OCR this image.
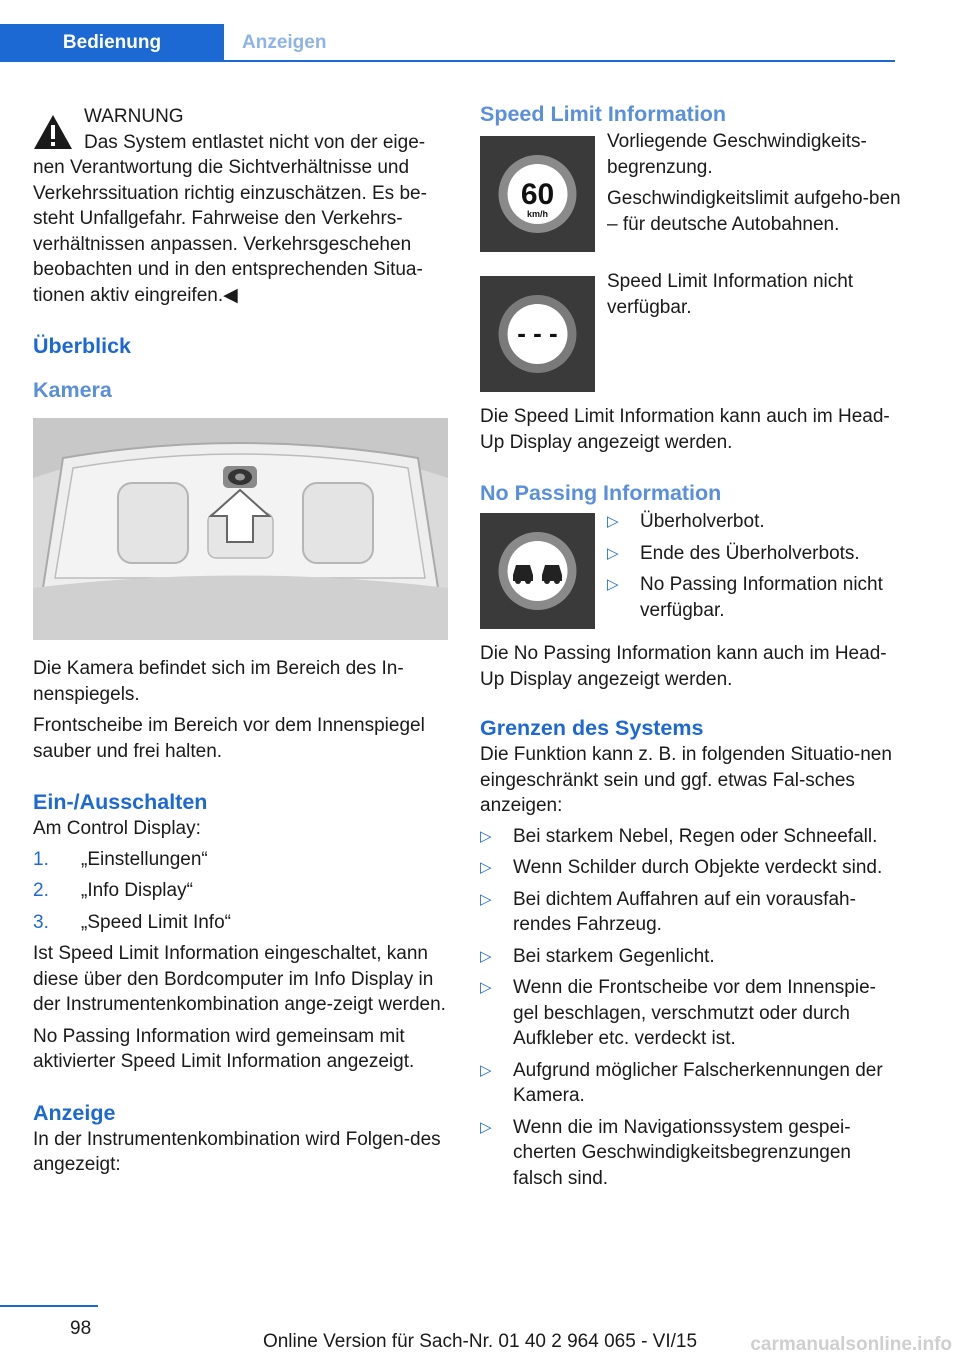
Bedienung	Anzeigen

WARNUNG

Das System entlastet nicht von der eige-

nen Verantwortung die Sichtverhältnisse und Verkehrssituation richtig einzuschätzen. Es be-steht Unfallgefahr. Fahrweise den Verkehrs-verhältnissen anpassen. Verkehrsgeschehen beobachten und in den entsprechenden Situa-tionen aktiv eingreifen.◀

Überblick
Kamera

Die Kamera befindet sich im Bereich des In-nenspiegels.

Frontscheibe im Bereich vor dem Innenspiegel sauber und frei halten.

Ein-/Ausschalten

Am Control Display:

1. „Einstellungen“
2. „Info Display“
3. „Speed Limit Info“

Ist Speed Limit Information eingeschaltet, kann diese über den Bordcomputer im Info Display in der Instrumentenkombination ange-zeigt werden.

No Passing Information wird gemeinsam mit aktivierter Speed Limit Information angezeigt.

Anzeige

In der Instrumentenkombination wird Folgen-des angezeigt:

Speed Limit Information
60
km/h

Vorliegende Geschwindigkeits-begrenzung.

Geschwindigkeitslimit aufgeho-ben – für deutsche Autobahnen.

- - -

Speed Limit Information nicht verfügbar.

Die Speed Limit Information kann auch im Head-Up Display angezeigt werden.

No Passing Information
▷ Überholverbot.
▷ Ende des Überholverbots.
▷ No Passing Information nicht verfügbar.

Die No Passing Information kann auch im Head-Up Display angezeigt werden.

Grenzen des Systems

Die Funktion kann z. B. in folgenden Situatio-nen eingeschränkt sein und ggf. etwas Fal-sches anzeigen:

▷ Bei starkem Nebel, Regen oder Schneefall.
▷ Wenn Schilder durch Objekte verdeckt sind.
▷ Bei dichtem Auffahren auf ein vorausfah-rendes Fahrzeug.
▷ Bei starkem Gegenlicht.
▷ Wenn die Frontscheibe vor dem Innenspie-gel beschlagen, verschmutzt oder durch Aufkleber etc. verdeckt ist.
▷ Aufgrund möglicher Falscherkennungen der Kamera.
▷ Wenn die im Navigationssystem gespei-cherten Geschwindigkeitsbegrenzungen falsch sind.
98
Online Version für Sach-Nr. 01 40 2 964 065 - VI/15	carmanualsonline.info
